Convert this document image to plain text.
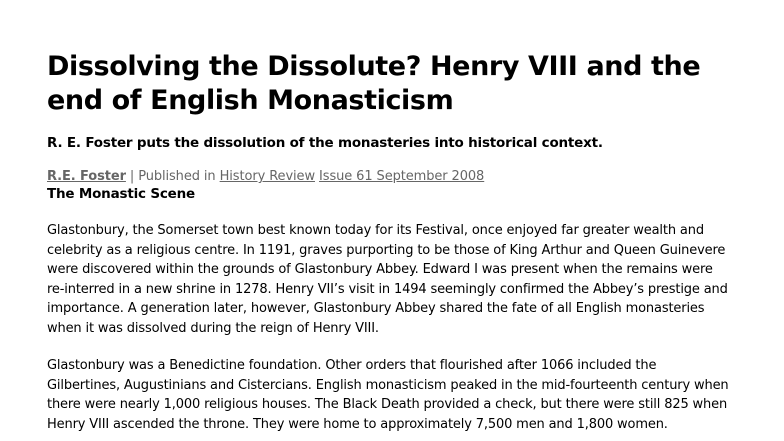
Dissolving the Dissolute? Henry VIII and the end of English Monasticism
R. E. Foster puts the dissolution of the monasteries into historical context.
R.E. Foster | Published in History Review Issue 61 September 2008
The Monastic Scene
Glastonbury, the Somerset town best known today for its Festival, once enjoyed far greater wealth and
celebrity as a religious centre. In 1191, graves purporting to be those of King Arthur and Queen Guinevere
were discovered within the grounds of Glastonbury Abbey. Edward I was present when the remains were
re-interred in a new shrine in 1278. Henry VII’s visit in 1494 seemingly confirmed the Abbey’s prestige and
importance. A generation later, however, Glastonbury Abbey shared the fate of all English monasteries
when it was dissolved during the reign of Henry VIII.
Glastonbury was a Benedictine foundation. Other orders that flourished after 1066 included the
Gilbertines, Augustinians and Cistercians. English monasticism peaked in the mid-fourteenth century when
there were nearly 1,000 religious houses. The Black Death provided a check, but there were still 825 when
Henry VIII ascended the throne. They were home to approximately 7,500 men and 1,800 women.
